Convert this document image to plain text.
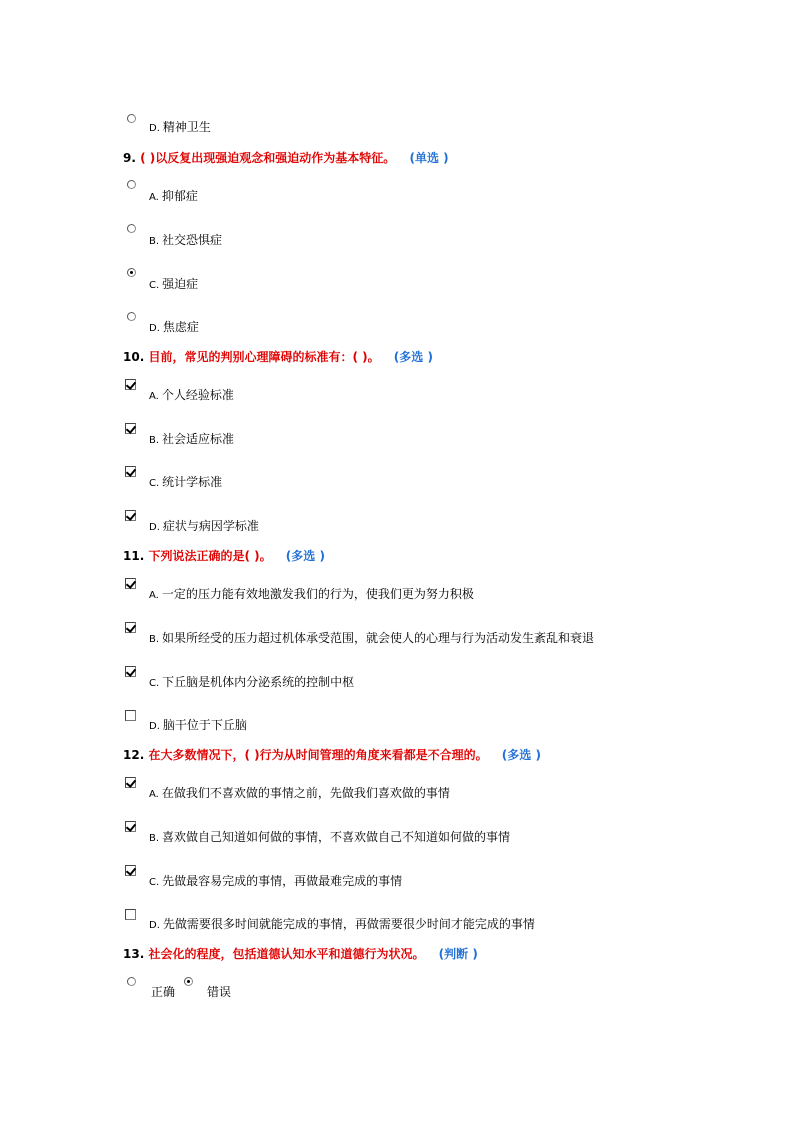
D. 精神卫生
9. ( )以反复出现强迫观念和强迫动作为基本特征。 (单选 )
A. 抑郁症
B. 社交恐惧症
C. 强迫症
D. 焦虑症
10. 目前，常见的判别心理障碍的标准有：( )。 (多选 )
A. 个人经验标准
B. 社会适应标准
C. 统计学标准
D. 症状与病因学标准
11. 下列说法正确的是( )。 (多选 )
A. 一定的压力能有效地激发我们的行为，使我们更为努力积极
B. 如果所经受的压力超过机体承受范围，就会使人的心理与行为活动发生紊乱和衰退
C. 下丘脑是机体内分泌系统的控制中枢
D. 脑干位于下丘脑
12. 在大多数情况下，( )行为从时间管理的角度来看都是不合理的。 (多选 )
A. 在做我们不喜欢做的事情之前，先做我们喜欢做的事情
B. 喜欢做自己知道如何做的事情，不喜欢做自己不知道如何做的事情
C. 先做最容易完成的事情，再做最难完成的事情
D. 先做需要很多时间就能完成的事情，再做需要很少时间才能完成的事情
13. 社会化的程度，包括道德认知水平和道德行为状况。 (判断 )
正确	错误
